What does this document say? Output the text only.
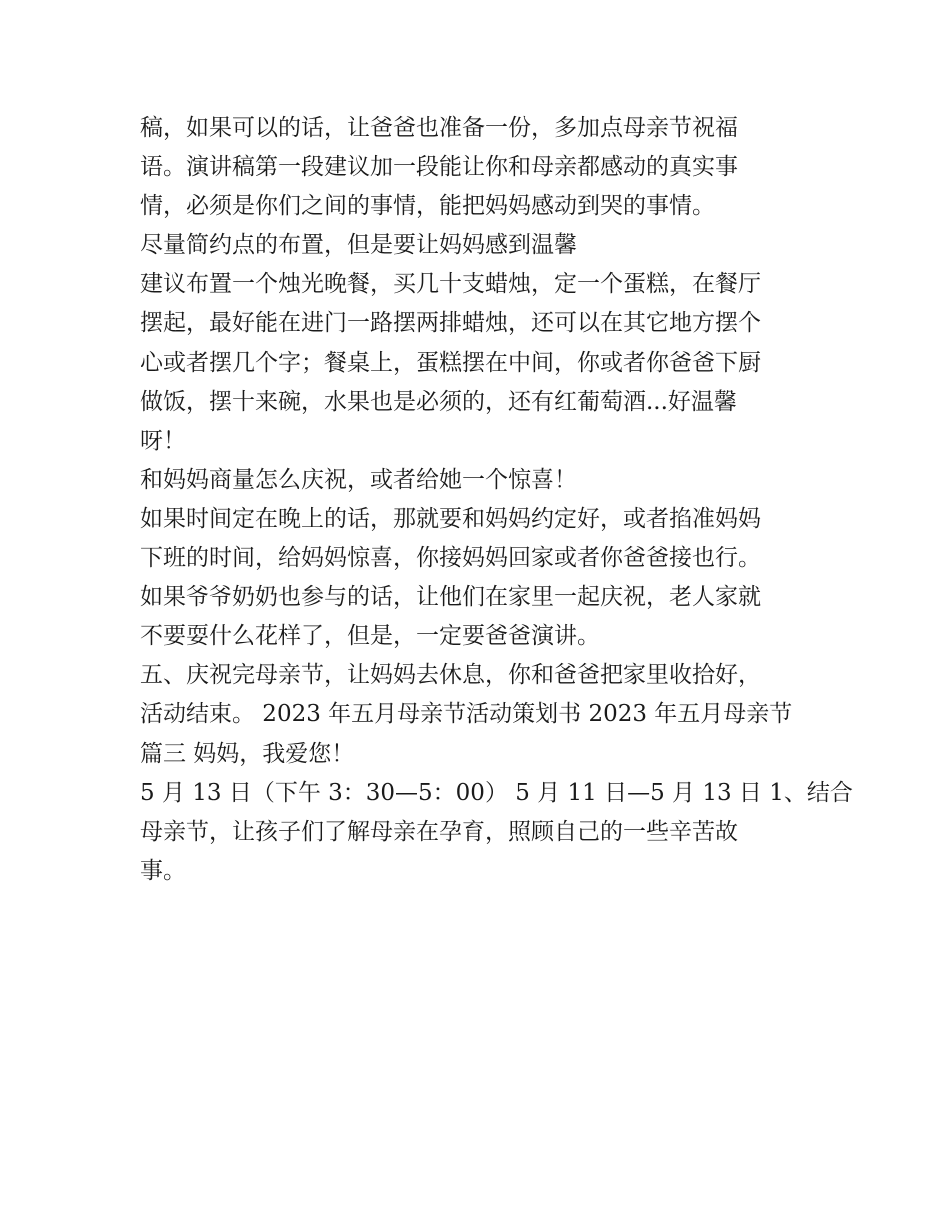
稿，如果可以的话，让爸爸也准备一份，多加点母亲节祝福
语。演讲稿第一段建议加一段能让你和母亲都感动的真实事
情，必须是你们之间的事情，能把妈妈感动到哭的事情。

尽量简约点的布置，但是要让妈妈感到温馨

建议布置一个烛光晚餐，买几十支蜡烛，定一个蛋糕，在餐厅
摆起，最好能在进门一路摆两排蜡烛，还可以在其它地方摆个
心或者摆几个字；餐桌上，蛋糕摆在中间，你或者你爸爸下厨
做饭，摆十来碗，水果也是必须的，还有红葡萄酒...好温馨
呀！

和妈妈商量怎么庆祝，或者给她一个惊喜！

如果时间定在晚上的话，那就要和妈妈约定好，或者掐准妈妈
下班的时间，给妈妈惊喜，你接妈妈回家或者你爸爸接也行。
如果爷爷奶奶也参与的话，让他们在家里一起庆祝，老人家就
不要耍什么花样了，但是，一定要爸爸演讲。

五、庆祝完母亲节，让妈妈去休息，你和爸爸把家里收拾好，
活动结束。 2023 年五月母亲节活动策划书 2023 年五月母亲节
篇三 妈妈，我爱您！

5 月 13 日（下午 3：30—5：00） 5 月 11 日—5 月 13 日 1、结合
母亲节，让孩子们了解母亲在孕育，照顾自己的一些辛苦故
事。
